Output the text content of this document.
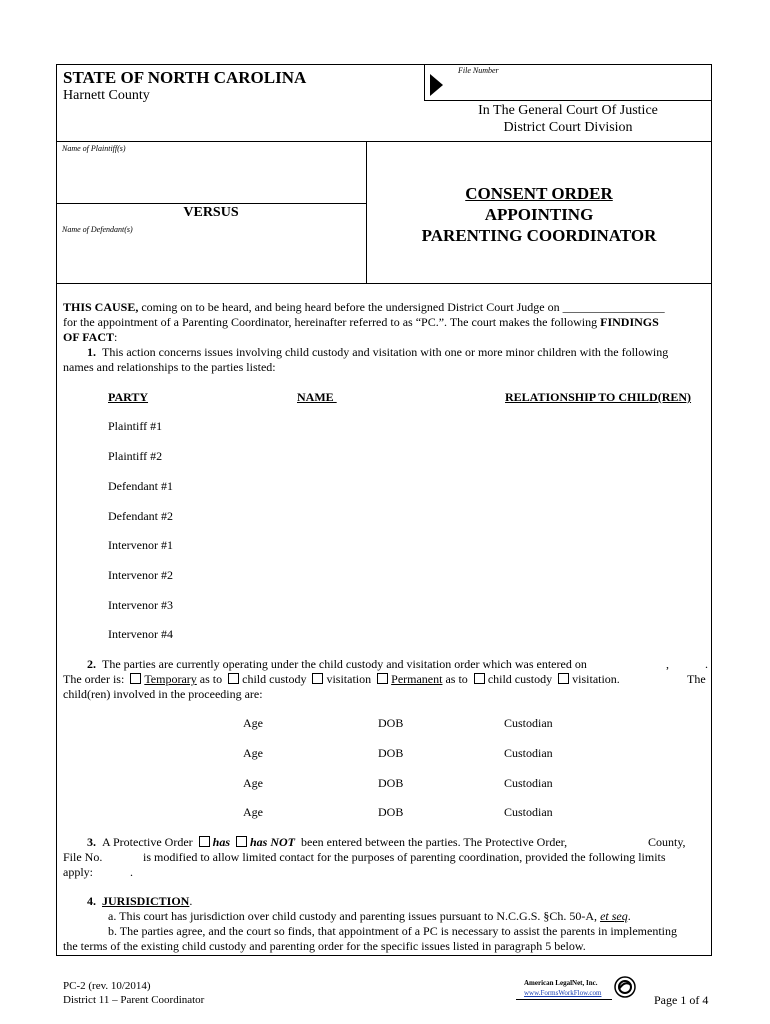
STATE OF NORTH CAROLINA
Harnett County
File Number
In The General Court Of Justice
District Court Division
Name of Plaintiff(s)
VERSUS
Name of Defendant(s)
CONSENT ORDER
APPOINTING
PARENTING COORDINATOR
THIS CAUSE, coming on to be heard, and being heard before the undersigned District Court Judge on _________________
for the appointment of a Parenting Coordinator, hereinafter referred to as “PC.”. The court makes the following FINDINGS
OF FACT:
1. This action concerns issues involving child custody and visitation with one or more minor children with the following
names and relationships to the parties listed:
PARTY	NAME	RELATIONSHIP TO CHILD(REN)
Plaintiff #1
Plaintiff #2
Defendant #1
Defendant #2
Intervenor #1
Intervenor #2
Intervenor #3
Intervenor #4
2. The parties are currently operating under the child custody and visitation order which was entered on	,	.
The order is: Temporary as to child custody visitation Permanent as to child custody visitation.	The
child(ren) involved in the proceeding are:
Age	DOB	Custodian
Age	DOB	Custodian
Age	DOB	Custodian
Age	DOB	Custodian
3. A Protective Order has has NOT been entered between the parties. The Protective Order,	County,
File No.	is modified to allow limited contact for the purposes of parenting coordination, provided the following limits
apply:	.
4. JURISDICTION.
a. This court has jurisdiction over child custody and parenting issues pursuant to N.C.G.S. §Ch. 50-A, et seq.
b. The parties agree, and the court so finds, that appointment of a PC is necessary to assist the parents in implementing
the terms of the existing child custody and parenting order for the specific issues listed in paragraph 5 below.
PC-2 (rev. 10/2014)
District 11 – Parent Coordinator
American LegalNet, Inc.
www.FormsWorkFlow.com	Page 1 of 4
